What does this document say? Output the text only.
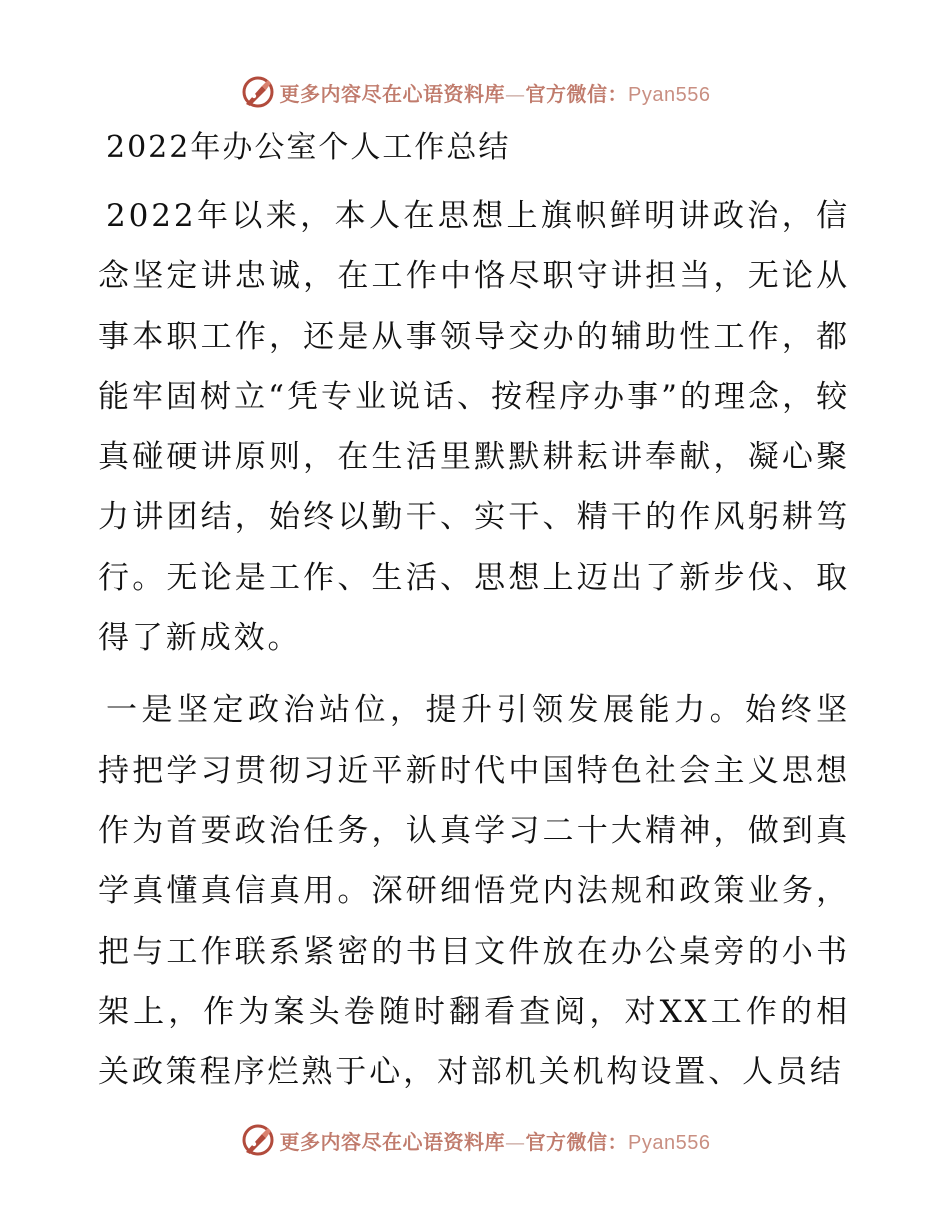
更多内容尽在心语资料库—官方微信：Pyan556
2022年办公室个人工作总结

2022年以来，本人在思想上旗帜鲜明讲政治，信念坚定讲忠诚，在工作中恪尽职守讲担当，无论从事本职工作，还是从事领导交办的辅助性工作，都能牢固树立“凭专业说话、按程序办事”的理念，较真碰硬讲原则，在生活里默默耕耘讲奉献，凝心聚力讲团结，始终以勤干、实干、精干的作风躬耕笃行。无论是工作、生活、思想上迈出了新步伐、取得了新成效。

一是坚定政治站位，提升引领发展能力。始终坚持把学习贯彻习近平新时代中国特色社会主义思想作为首要政治任务，认真学习二十大精神，做到真学真懂真信真用。深研细悟党内法规和政策业务，把与工作联系紧密的书目文件放在办公桌旁的小书架上，作为案头卷随时翻看查阅，对XX工作的相关政策程序烂熟于心，对部机关机构设置、人员结

更多内容尽在心语资料库—官方微信：Pyan556
